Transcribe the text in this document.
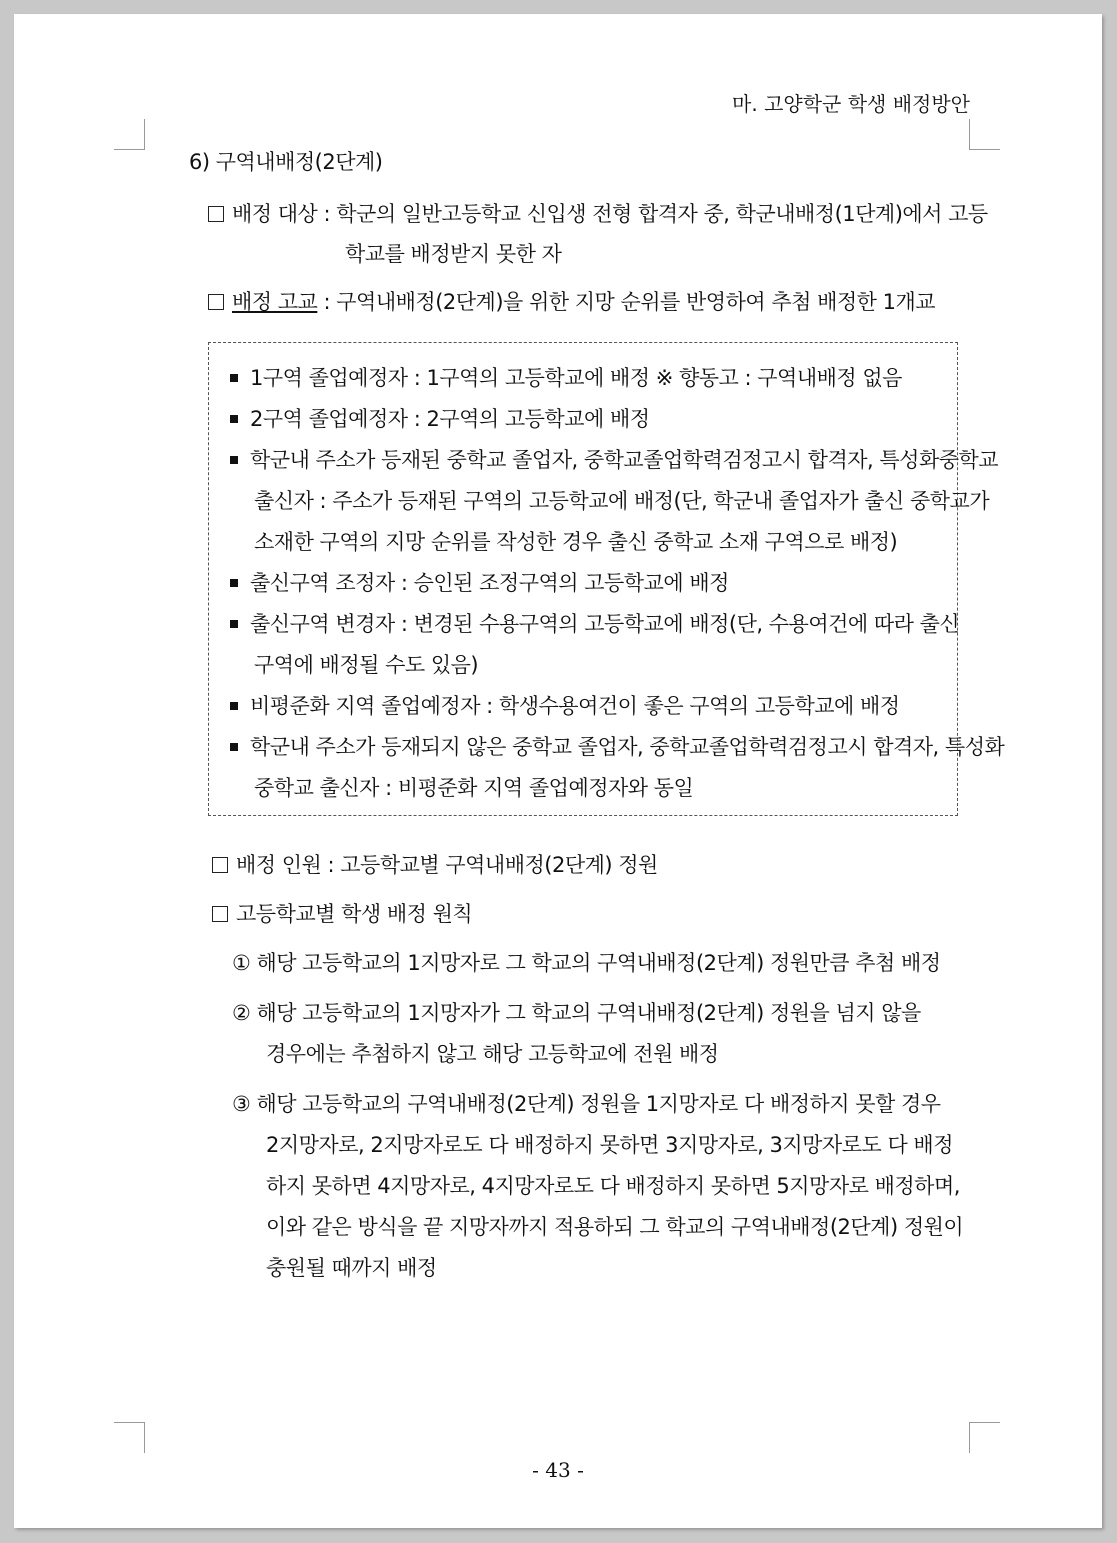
마. 고양학군 학생 배정방안
6) 구역내배정(2단계)
배정 대상 : 학군의 일반고등학교 신입생 전형 합격자 중, 학군내배정(1단계)에서 고등
학교를 배정받지 못한 자
배정 고교 : 구역내배정(2단계)을 위한 지망 순위를 반영하여 추첨 배정한 1개교
배정 인원 : 고등학교별 구역내배정(2단계) 정원
고등학교별 학생 배정 원칙
- 43 -
1구역 졸업예정자 : 1구역의 고등학교에 배정 ※ 향동고 : 구역내배정 없음
2구역 졸업예정자 : 2구역의 고등학교에 배정
학군내 주소가 등재된 중학교 졸업자, 중학교졸업학력검정고시 합격자, 특성화중학교
출신자 : 주소가 등재된 구역의 고등학교에 배정(단, 학군내 졸업자가 출신 중학교가
소재한 구역의 지망 순위를 작성한 경우 출신 중학교 소재 구역으로 배정)
출신구역 조정자 : 승인된 조정구역의 고등학교에 배정
출신구역 변경자 : 변경된 수용구역의 고등학교에 배정(단, 수용여건에 따라 출신
구역에 배정될 수도 있음)
비평준화 지역 졸업예정자 : 학생수용여건이 좋은 구역의 고등학교에 배정
학군내 주소가 등재되지 않은 중학교 졸업자, 중학교졸업학력검정고시 합격자, 특성화
중학교 출신자 : 비평준화 지역 졸업예정자와 동일
① 해당 고등학교의 1지망자로 그 학교의 구역내배정(2단계) 정원만큼 추첨 배정
② 해당 고등학교의 1지망자가 그 학교의 구역내배정(2단계) 정원을 넘지 않을
경우에는 추첨하지 않고 해당 고등학교에 전원 배정
③ 해당 고등학교의 구역내배정(2단계) 정원을 1지망자로 다 배정하지 못할 경우
2지망자로, 2지망자로도 다 배정하지 못하면 3지망자로, 3지망자로도 다 배정
하지 못하면 4지망자로, 4지망자로도 다 배정하지 못하면 5지망자로 배정하며,
이와 같은 방식을 끝 지망자까지 적용하되 그 학교의 구역내배정(2단계) 정원이
충원될 때까지 배정
